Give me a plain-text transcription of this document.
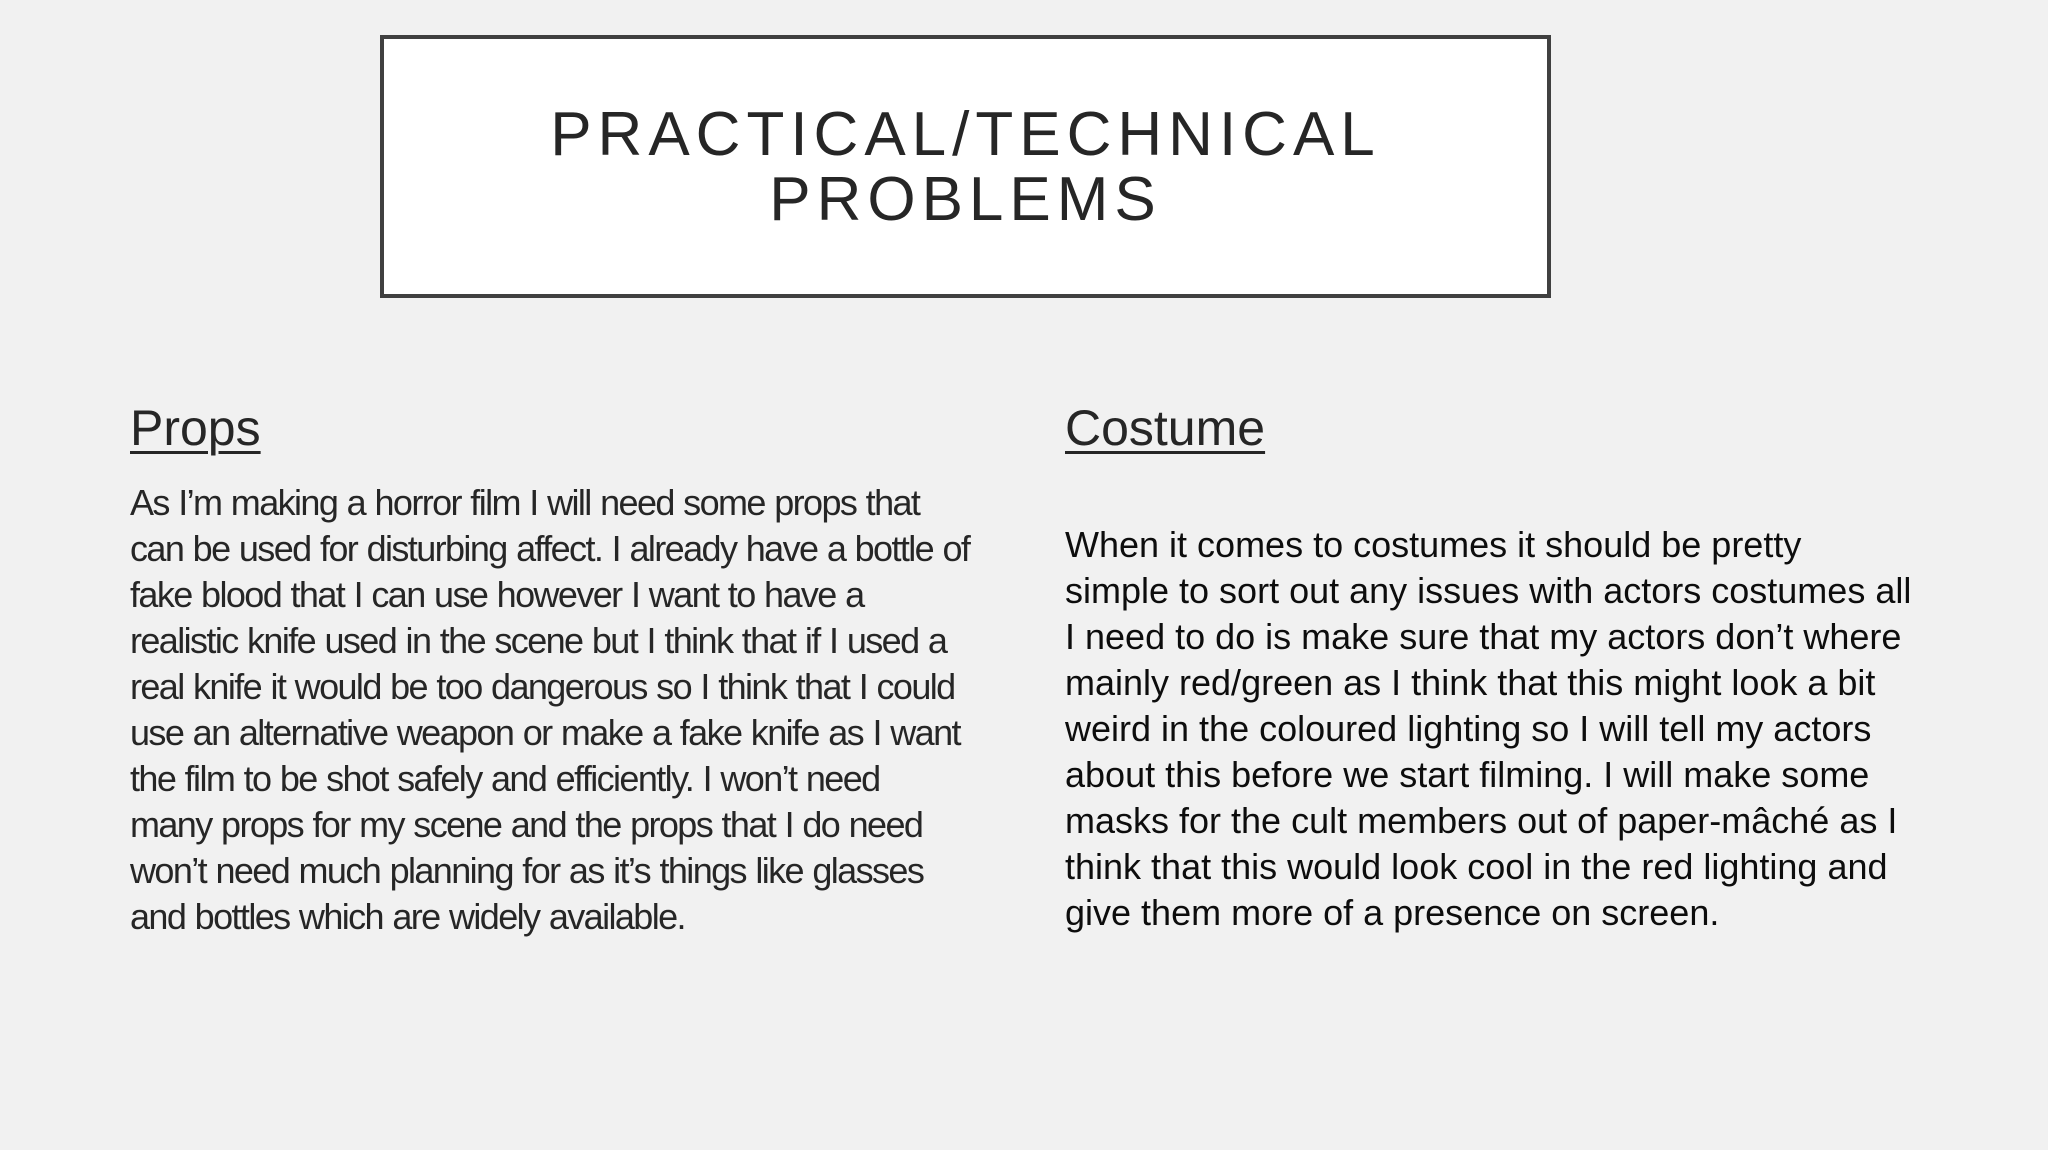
PRACTICAL/TECHNICAL PROBLEMS
Props

As I’m making a horror film I will need some props that can be used for disturbing affect. I already have a bottle of fake blood that I can use however I want to have a realistic knife used in the scene but I think that if I used a real knife it would be too dangerous so I think that I could use an alternative weapon or make a fake knife as I want the film to be shot safely and efficiently. I won’t need many props for my scene and the props that I do need won’t need much planning for as it’s things like glasses and bottles which are widely available.

Costume

When it comes to costumes it should be pretty simple to sort out any issues with actors costumes all I need to do is make sure that my actors don’t where mainly red/green as I think that this might look a bit weird in the coloured lighting so I will tell my actors about this before we start filming. I will make some masks for the cult members out of paper-mâché as I think that this would look cool in the red lighting and give them more of a presence on screen.
